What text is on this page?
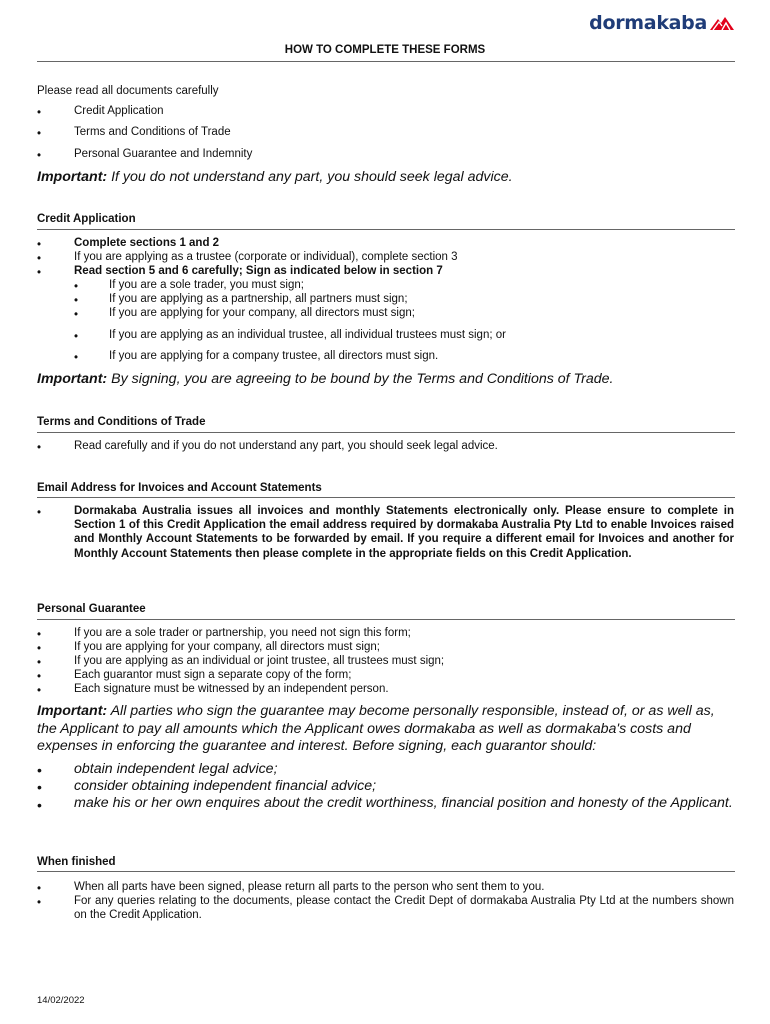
dormakaba
HOW TO COMPLETE THESE FORMS
Please read all documents carefully
•	Credit Application
•	Terms and Conditions of Trade
•	Personal Guarantee and Indemnity
Important: If you do not understand any part, you should seek legal advice.
Credit Application
•	Complete sections 1 and 2
•	If you are applying as a trustee (corporate or individual), complete section 3
•	Read section 5 and 6 carefully; Sign as indicated below in section 7
•	If you are a sole trader, you must sign;
•	If you are applying as a partnership, all partners must sign;
•	If you are applying for your company, all directors must sign;
•	If you are applying as an individual trustee, all individual trustees must sign; or
•	If you are applying for a company trustee, all directors must sign.
Important: By signing, you are agreeing to be bound by the Terms and Conditions of Trade.
Terms and Conditions of Trade
•	Read carefully and if you do not understand any part, you should seek legal advice.
Email Address for Invoices and Account Statements
•	Dormakaba Australia issues all invoices and monthly Statements electronically only. Please ensure to complete in Section 1 of this Credit Application the email address required by dormakaba Australia Pty Ltd to enable Invoices raised and Monthly Account Statements to be forwarded by email. If you require a different email for Invoices and another for Monthly Account Statements then please complete in the appropriate fields on this Credit Application.
Personal Guarantee
•	If you are a sole trader or partnership, you need not sign this form;
•	If you are applying for your company, all directors must sign;
•	If you are applying as an individual or joint trustee, all trustees must sign;
•	Each guarantor must sign a separate copy of the form;
•	Each signature must be witnessed by an independent person.
Important: All parties who sign the guarantee may become personally responsible, instead of, or as well as, the Applicant to pay all amounts which the Applicant owes dormakaba as well as dormakaba's costs and expenses in enforcing the guarantee and interest. Before signing, each guarantor should:
• obtain independent legal advice;
• consider obtaining independent financial advice;
• make his or her own enquires about the credit worthiness, financial position and honesty of the Applicant.
When finished
•	When all parts have been signed, please return all parts to the person who sent them to you.
•	For any queries relating to the documents, please contact the Credit Dept of dormakaba Australia Pty Ltd at the numbers shown on the Credit Application.
14/02/2022
